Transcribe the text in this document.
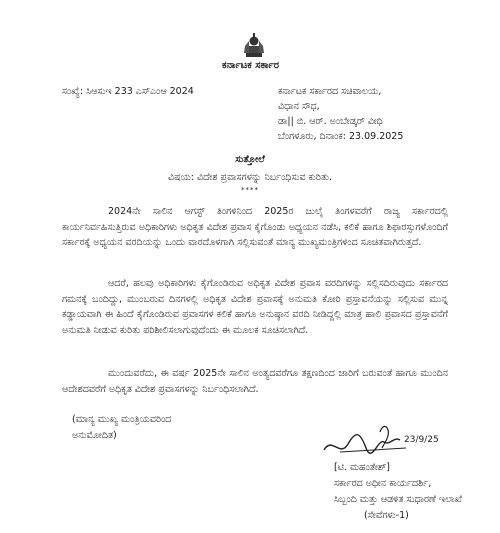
ಕರ್ನಾಟಕ ಸರ್ಕಾರ
ಸಂಖ್ಯೆ: ಸಿಆಸುಇ 233 ಎಸ್‌ಎಂಆ 2024	ಕರ್ನಾಟಕ ಸರ್ಕಾರದ ಸಚಿವಾಲಯ,
ವಿಧಾನ ಸೌಧ,
ಡಾ|| ಬಿ. ಆರ್. ಅಂಬೇಡ್ಕರ್ ವೀಧಿ
ಬೆಂಗಳೂರು, ದಿನಾಂಕ: 23.09.2025
ಸುತ್ತೋಲೆ
ವಿಷಯ: ವಿದೇಶ ಪ್ರವಾಸಗಳನ್ನು ನಿರ್ಬಂಧಿಸುವ ಕುರಿತು.
****
2024ನೇ ಸಾಲಿನ ಆಗಸ್ಟ್ ತಿಂಗಳಿನಿಂದ 2025ರ ಜುಲೈ ತಿಂಗಳವರೆಗೆ ರಾಜ್ಯ ಸರ್ಕಾರದಲ್ಲಿ ಕಾರ್ಯನಿರ್ವಹಿಸುತ್ತಿರುವ ಅಧಿಕಾರಿಗಳು ಅಧಿಕೃತ ವಿದೇಶ ಪ್ರವಾಸ ಕೈಗೊಂಡು ಅಧ್ಯಯನ ನಡೆಸಿ, ಕಲಿಕೆ ಹಾಗೂ ಶಿಫಾರಸ್ಸುಗಳೊಂದಿಗೆ ಸರ್ಕಾರಕ್ಕೆ ಅಧ್ಯಯನ ವರದಿಯನ್ನು ಒಂದು ವಾರದೊಳಗಾಗಿ ಸಲ್ಲಿಸುವಂತೆ ಮಾನ್ಯ ಮುಖ್ಯಮಂತ್ರಿಗಳಿಂದ ಸೂಚಿತವಾಗಿರುತ್ತದೆ.
ಆದರೆ, ಹಲವು ಅಧಿಕಾರಿಗಳು ಕೈಗೊಂಡಿರುವ ಅಧಿಕೃತ ವಿದೇಶ ಪ್ರವಾಸ ವರದಿಗಳನ್ನು ಸಲ್ಲಿಸದಿರುವುದು ಸರ್ಕಾರದ ಗಮನಕ್ಕೆ ಬಂದಿದ್ದು, ಮುಂಬರುವ ದಿನಗಳಲ್ಲಿ ಅಧಿಕೃತ ವಿದೇಶ ಪ್ರವಾಸಕ್ಕೆ ಅನುಮತಿ ಕೋರಿ ಪ್ರಸ್ತಾವನೆಯನ್ನು ಸಲ್ಲಿಸುವ ಮುನ್ನ ಕಡ್ಡಾಯವಾಗಿ ಈ ಹಿಂದೆ ಕೈಗೊಂಡಿರುವ ಪ್ರವಾಸಗಳ ಕಲಿಕೆ ಹಾಗೂ ಅನುಷ್ಠಾನ ವರದಿ ನೀಡಿದ್ದಲ್ಲಿ ಮಾತ್ರ ಹಾಲಿ ಪ್ರವಾಸದ ಪ್ರಸ್ತಾವನೆಗೆ ಅನುಮತಿ ನೀಡುವ ಕುರಿತು ಪರಿಶೀಲಿಸಲಾಗುವುದೆಂದು ಈ ಮೂಲಕ ಸೂಚಿಸಲಾಗಿದೆ.
ಮುಂದುವರೆದು, ಈ ವರ್ಷ 2025ನೇ ಸಾಲಿನ ಅಂತ್ಯದವರೆಗೂ ತಕ್ಷಣದಿಂದ ಜಾರಿಗೆ ಬರುವಂತೆ ಹಾಗೂ ಮುಂದಿನ ಆದೇಶದವರೆಗೆ ಅಧಿಕೃತ ವಿದೇಶ ಪ್ರವಾಸಗಳನ್ನು ನಿರ್ಬಂಧಿಸಲಾಗಿದೆ.
(ಮಾನ್ಯ ಮುಖ್ಯ ಮಂತ್ರಿಯವರಿಂದ
ಅನುಮೋದಿತ)	23/9/25
[ಟಿ. ಮಹಂತೇಶ್]
ಸರ್ಕಾರದ ಅಧೀನ ಕಾರ್ಯದರ್ಶಿ,
ಸಿಬ್ಬಂದಿ ಮತ್ತು ಆಡಳಿತ ಸುಧಾರಣೆ ಇಲಾಖೆ
(ಸೇವೆಗಳು-1)
